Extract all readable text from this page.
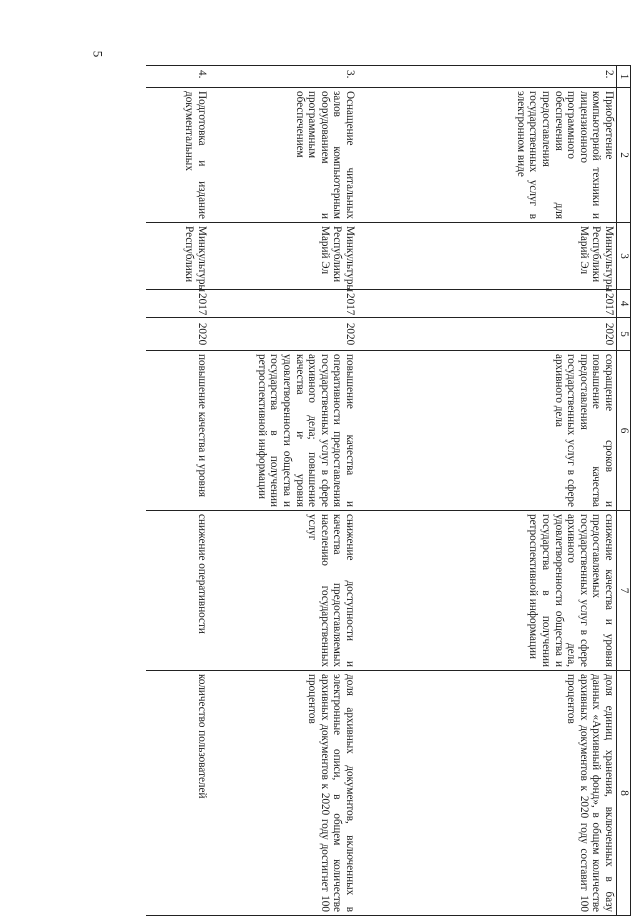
5
1	2	3	4	5	6	7	8
2.	Приобретение компьютерной техники и лицензионного программного обеспечения для предоставления государственных услуг в электронном виде	Минкультуры Республики Марий Эл	2017	2020	сокращение сроков и повышение качества предоставления государственных услуг в сфере архивного дела	снижение качества и уровня предоставляемых государственных услуг в сфере архивного дела, удовлетворенности общества и государства в получении ретроспективной информации	доля единиц хранения, включенных в базу данных «Архивный фонд», в общем количестве архивных документов к 2020 году составит 100 процентов
3.	Оснащение читальных залов компьютерным оборудованием и программным обеспечением	Минкультуры Республики Марий Эл	2017	2020	повышение качества и оперативности предоставления государственных услуг в сфере архивного дела; повышение качества и уровня удовлетворенности общества и государства в получении ретроспективной информации	снижение доступности и качества предоставляемых населению государственных услуг	доля архивных документов, включенных в электронные описи, в общем количестве архивных документов к 2020 году достигнет 100 процентов
4.	Подготовка и издание документальных	Минкультуры Республики	2017	2020	повышение качества и уровня	снижение оперативности	количество пользователей
